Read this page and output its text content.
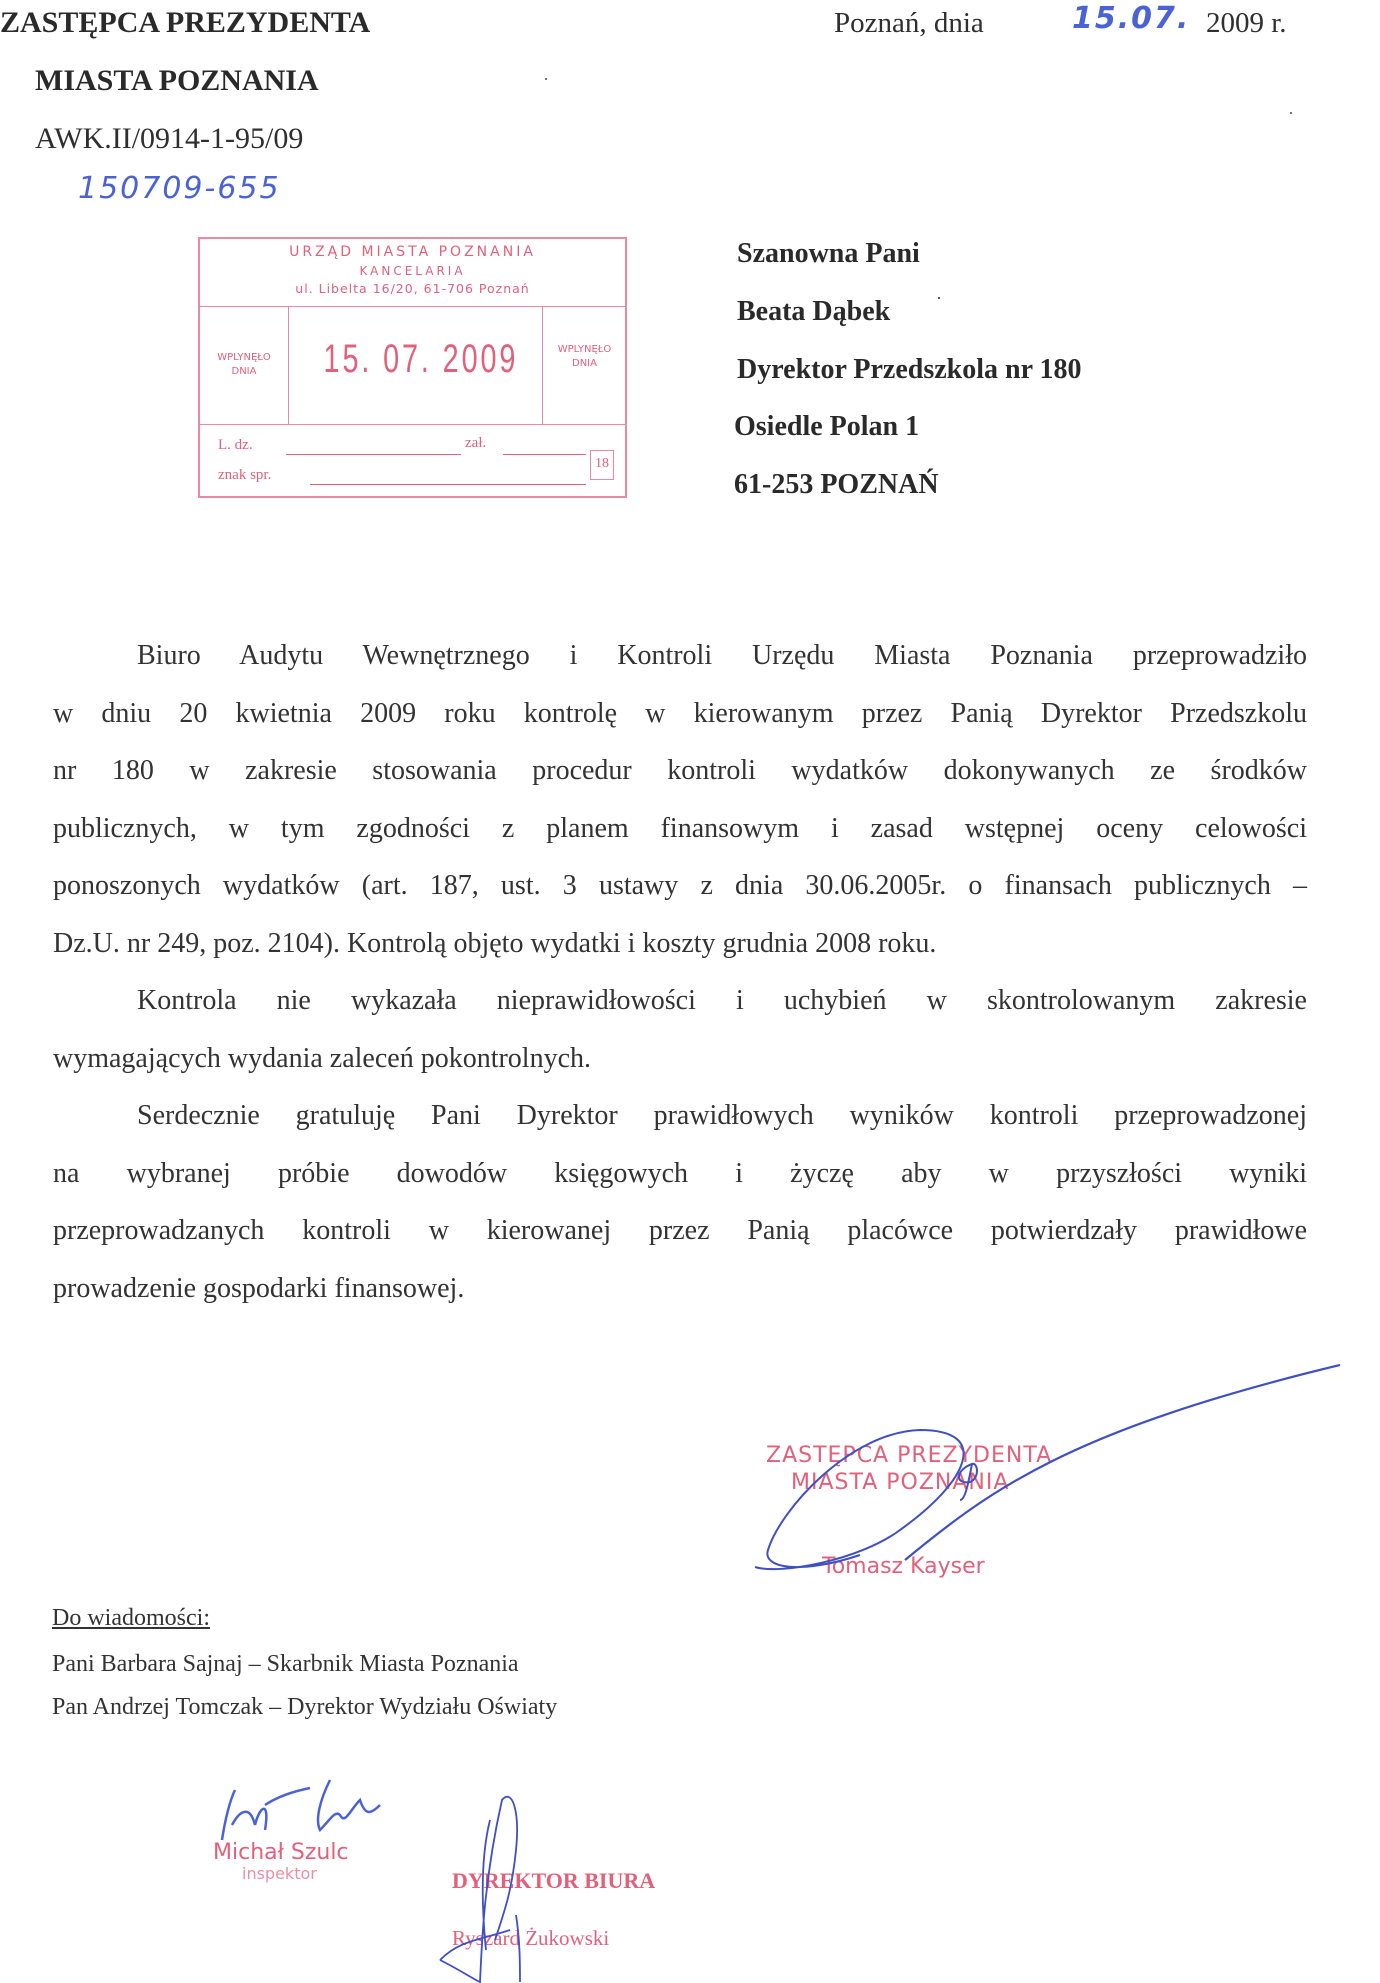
ZASTĘPCA PREZYDENTA
MIASTA POZNANIA
AWK.II/0914-1-95/09
150709-655
Poznań, dnia	15.07. 2009 r.
URZĄD MIASTA POZNANIA
KANCELARIA
ul. Libelta 16/20, 61-706 Poznań
WPLYNĘŁO
DNIA	15. 07. 2009	WPLYNĘŁO
DNIA
L. dz.	zał.
znak spr.
18
Szanowna Pani
Beata Dąbek
Dyrektor Przedszkola nr 180
Osiedle Polan 1
61-253 POZNAŃ
Biuro Audytu Wewnętrznego i Kontroli Urzędu Miasta Poznania przeprowadziło
w dniu 20 kwietnia 2009 roku kontrolę w kierowanym przez Panią Dyrektor Przedszkolu
nr 180 w zakresie stosowania procedur kontroli wydatków dokonywanych ze środków
publicznych, w tym zgodności z planem finansowym i zasad wstępnej oceny celowości
ponoszonych wydatków (art. 187, ust. 3 ustawy z dnia 30.06.2005r. o finansach publicznych –
Dz.U. nr 249, poz. 2104). Kontrolą objęto wydatki i koszty grudnia 2008 roku.
Kontrola nie wykazała nieprawidłowości i uchybień w skontrolowanym zakresie
wymagających wydania zaleceń pokontrolnych.
Serdecznie gratuluję Pani Dyrektor prawidłowych wyników kontroli przeprowadzonej
na wybranej próbie dowodów księgowych i życzę aby w przyszłości wyniki
przeprowadzanych kontroli w kierowanej przez Panią placówce potwierdzały prawidłowe
prowadzenie gospodarki finansowej.
ZASTĘPCA PREZYDENTA
MIASTA POZNANIA
Tomasz Kayser
Do wiadomości:
Pani Barbara Sajnaj – Skarbnik Miasta Poznania
Pan Andrzej Tomczak – Dyrektor Wydziału Oświaty
Michał Szulc
inspektor	DYREKTOR BIURA
Ryszard Żukowski
